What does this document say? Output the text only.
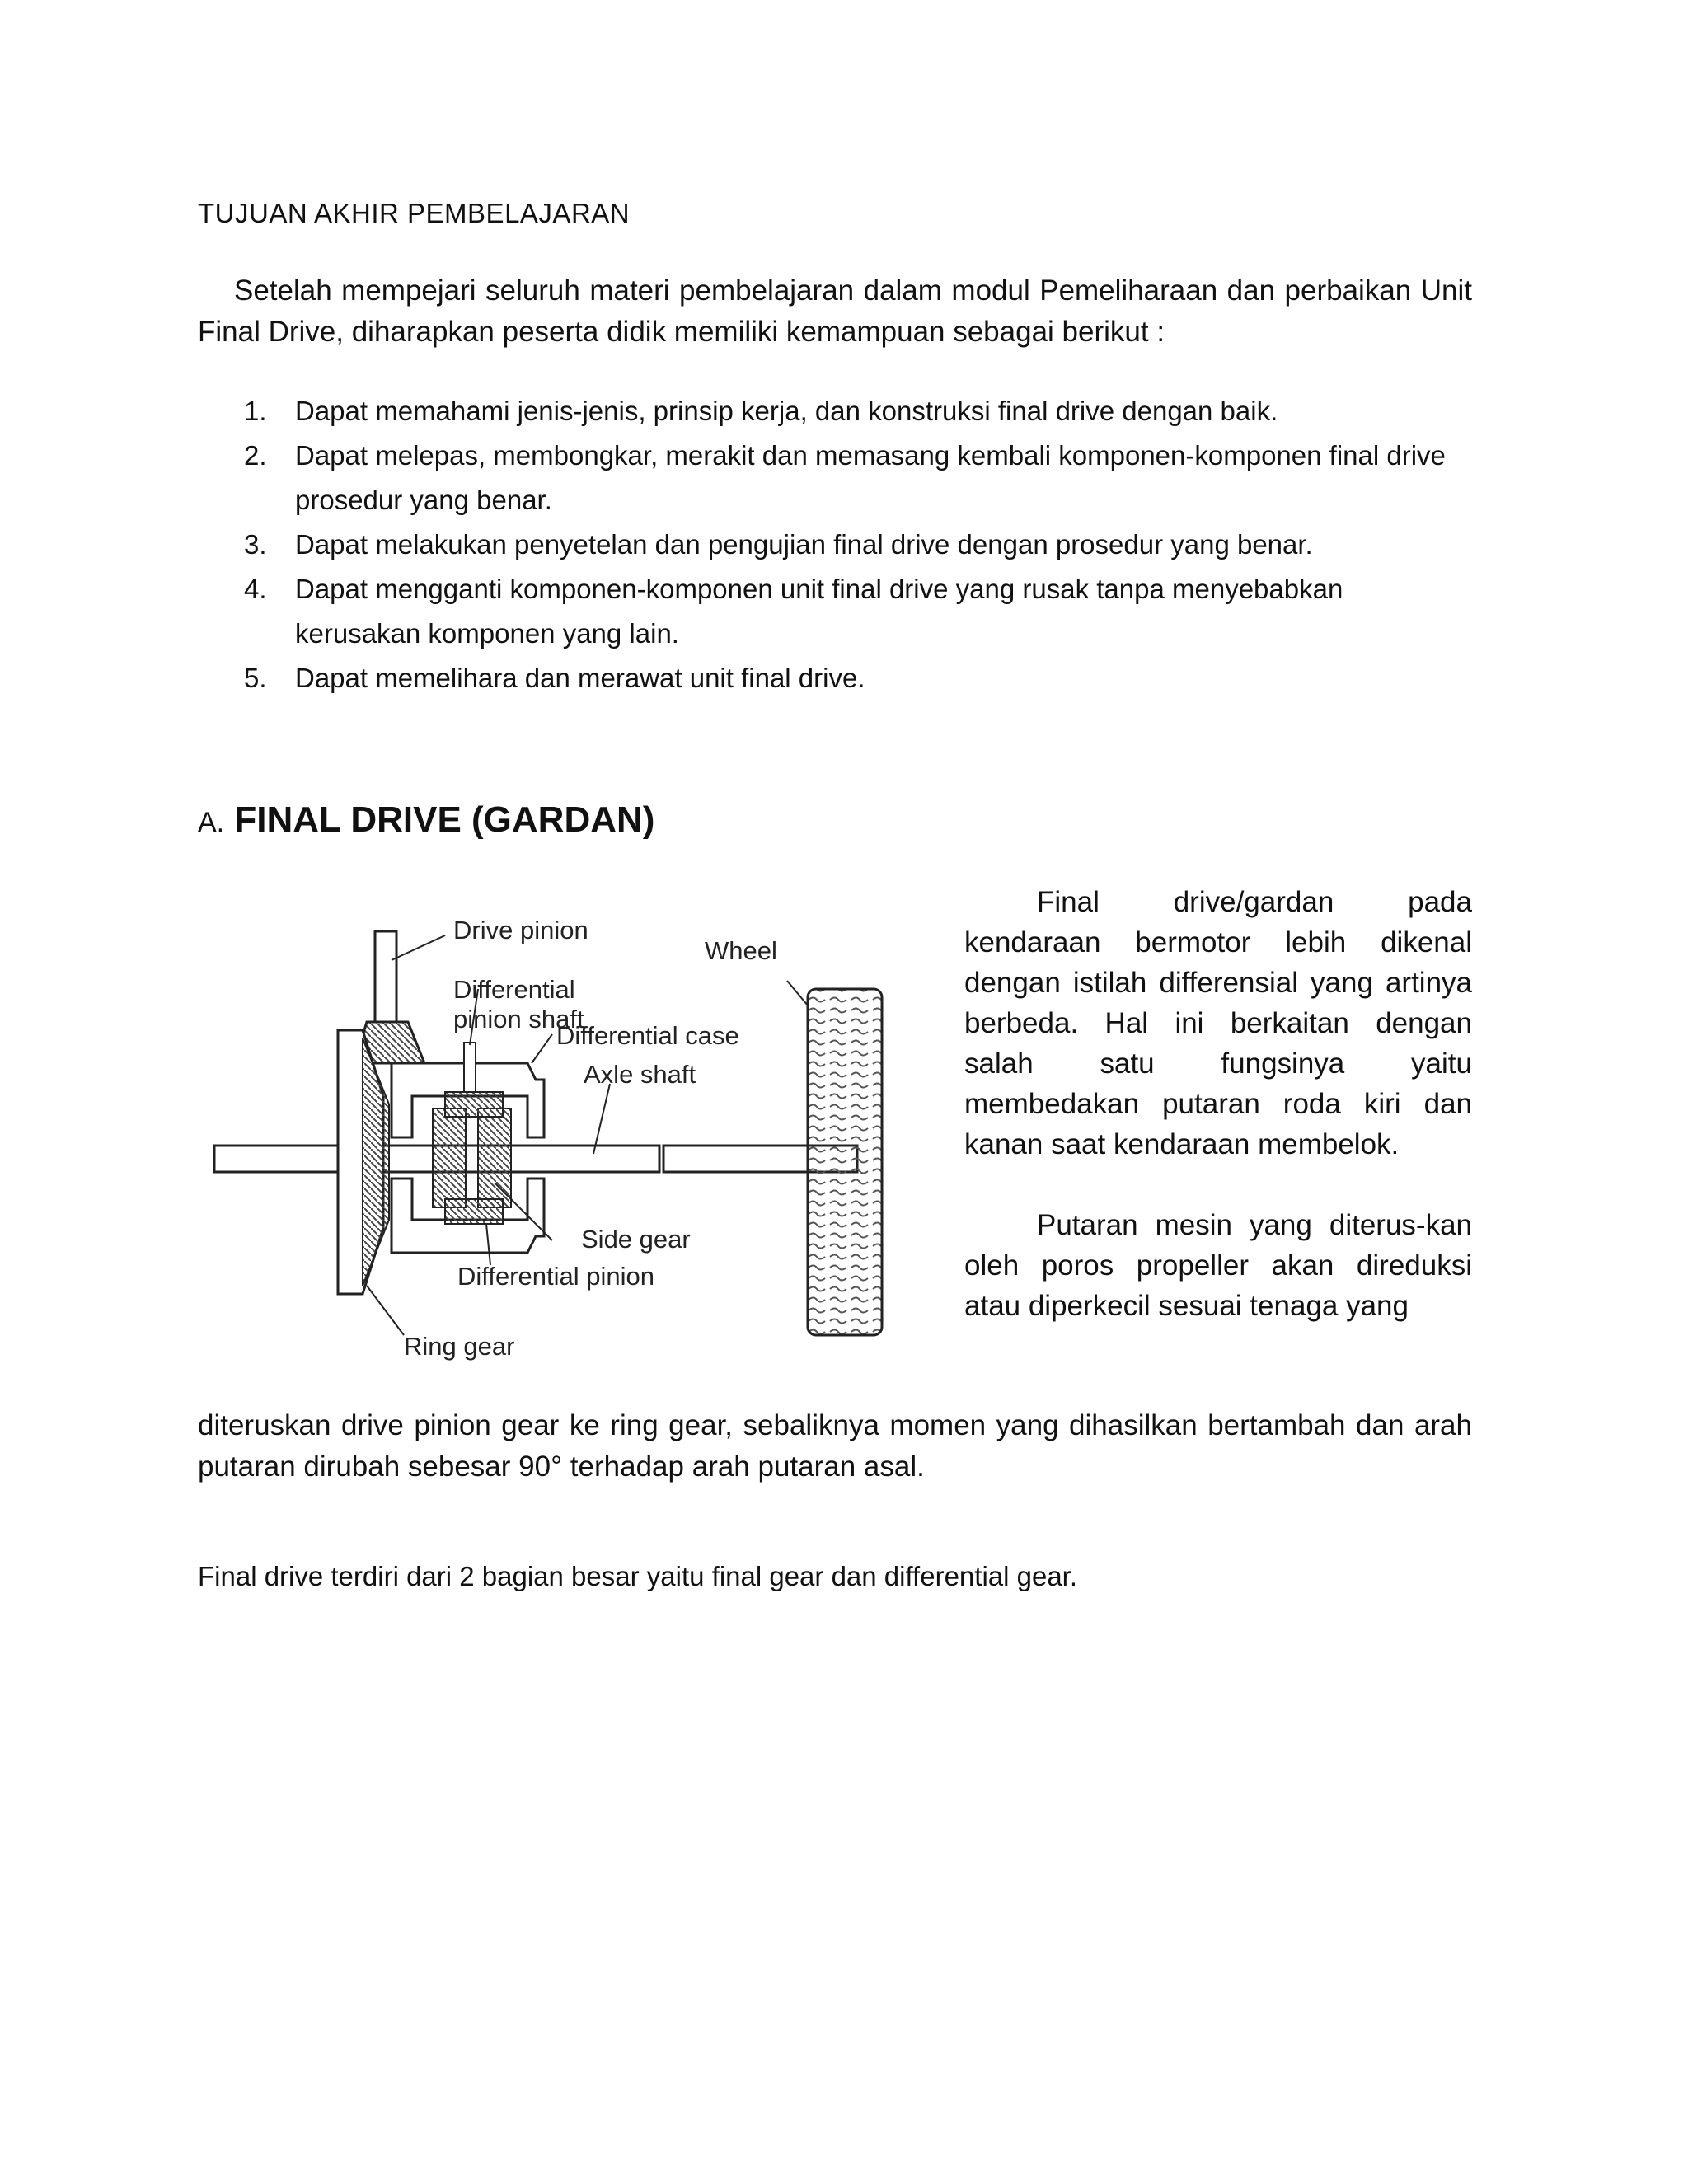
TUJUAN AKHIR PEMBELAJARAN
Setelah mempejari seluruh materi pembelajaran dalam modul Pemeliharaan dan perbaikan Unit Final Drive, diharapkan peserta didik memiliki kemampuan sebagai berikut :
1. Dapat memahami jenis-jenis, prinsip kerja, dan konstruksi final drive dengan baik.
2. Dapat melepas, membongkar, merakit dan memasang kembali komponen-komponen final drive prosedur yang benar.
3. Dapat melakukan penyetelan dan pengujian final drive dengan prosedur yang benar.
4. Dapat mengganti komponen-komponen unit final drive yang rusak tanpa menyebabkan kerusakan komponen yang lain.
5. Dapat memelihara dan merawat unit final drive.
A. FINAL DRIVE (GARDAN)
Drive pinion
Differential
pinion shaft
Differential case
Axle shaft
Wheel
Side gear
Differential pinion
Ring gear

Final drive/gardan pada kendaraan bermotor lebih dikenal dengan istilah differensial yang artinya berbeda. Hal ini berkaitan dengan salah satu fungsinya yaitu membedakan putaran roda kiri dan kanan saat kendaraan membelok.

Putaran mesin yang diterus-kan oleh poros propeller akan direduksi atau diperkecil sesuai tenaga yang

diteruskan drive pinion gear ke ring gear, sebaliknya momen yang dihasilkan bertambah dan arah putaran dirubah sebesar 90° terhadap arah putaran asal.
Final drive terdiri dari 2 bagian besar yaitu final gear dan differential gear.
